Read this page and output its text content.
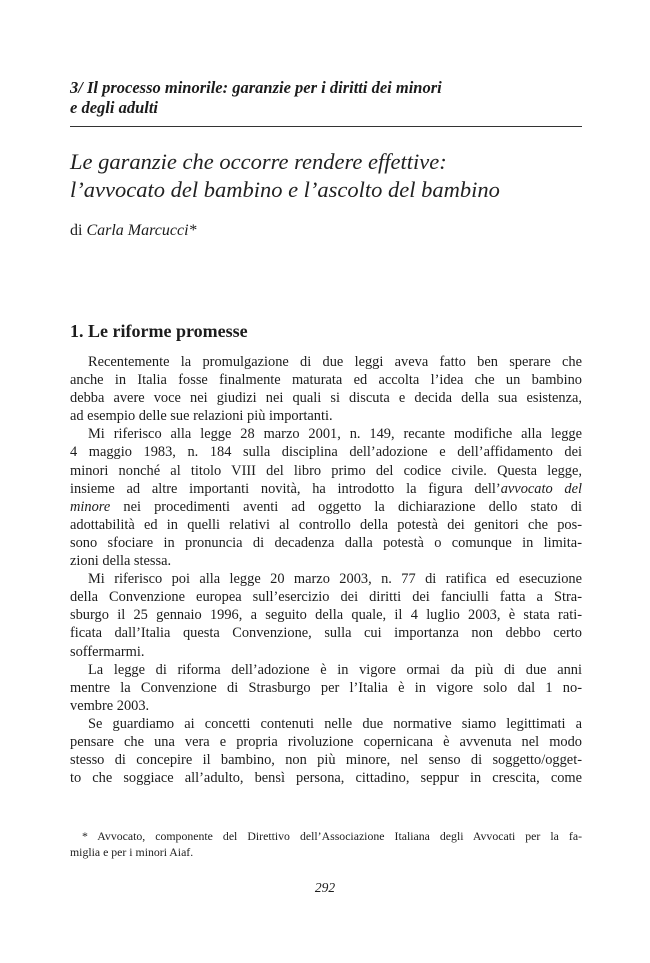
3/ Il processo minorile: garanzie per i diritti dei minori
e degli adulti
Le garanzie che occorre rendere effettive:
l’avvocato del bambino e l’ascolto del bambino
di Carla Marcucci*
1. Le riforme promesse
Recentemente la promulgazione di due leggi aveva fatto ben sperare che
anche in Italia fosse finalmente maturata ed accolta l’idea che un bambino
debba avere voce nei giudizi nei quali si discuta e decida della sua esistenza,
ad esempio delle sue relazioni più importanti.
Mi riferisco alla legge 28 marzo 2001, n. 149, recante modifiche alla legge
4 maggio 1983, n. 184 sulla disciplina dell’adozione e dell’affidamento dei
minori nonché al titolo VIII del libro primo del codice civile. Questa legge,
insieme ad altre importanti novità, ha introdotto la figura dell’avvocato del
minore nei procedimenti aventi ad oggetto la dichiarazione dello stato di
adottabilità ed in quelli relativi al controllo della potestà dei genitori che pos-
sono sfociare in pronuncia di decadenza dalla potestà o comunque in limita-
zioni della stessa.
Mi riferisco poi alla legge 20 marzo 2003, n. 77 di ratifica ed esecuzione
della Convenzione europea sull’esercizio dei diritti dei fanciulli fatta a Stra-
sburgo il 25 gennaio 1996, a seguito della quale, il 4 luglio 2003, è stata rati-
ficata dall’Italia questa Convenzione, sulla cui importanza non debbo certo
soffermarmi.
La legge di riforma dell’adozione è in vigore ormai da più di due anni
mentre la Convenzione di Strasburgo per l’Italia è in vigore solo dal 1 no-
vembre 2003.
Se guardiamo ai concetti contenuti nelle due normative siamo legittimati a
pensare che una vera e propria rivoluzione copernicana è avvenuta nel modo
stesso di concepire il bambino, non più minore, nel senso di soggetto/ogget-
to che soggiace all’adulto, bensì persona, cittadino, seppur in crescita, come
* Avvocato, componente del Direttivo dell’Associazione Italiana degli Avvocati per la fa-
miglia e per i minori Aiaf.
292
